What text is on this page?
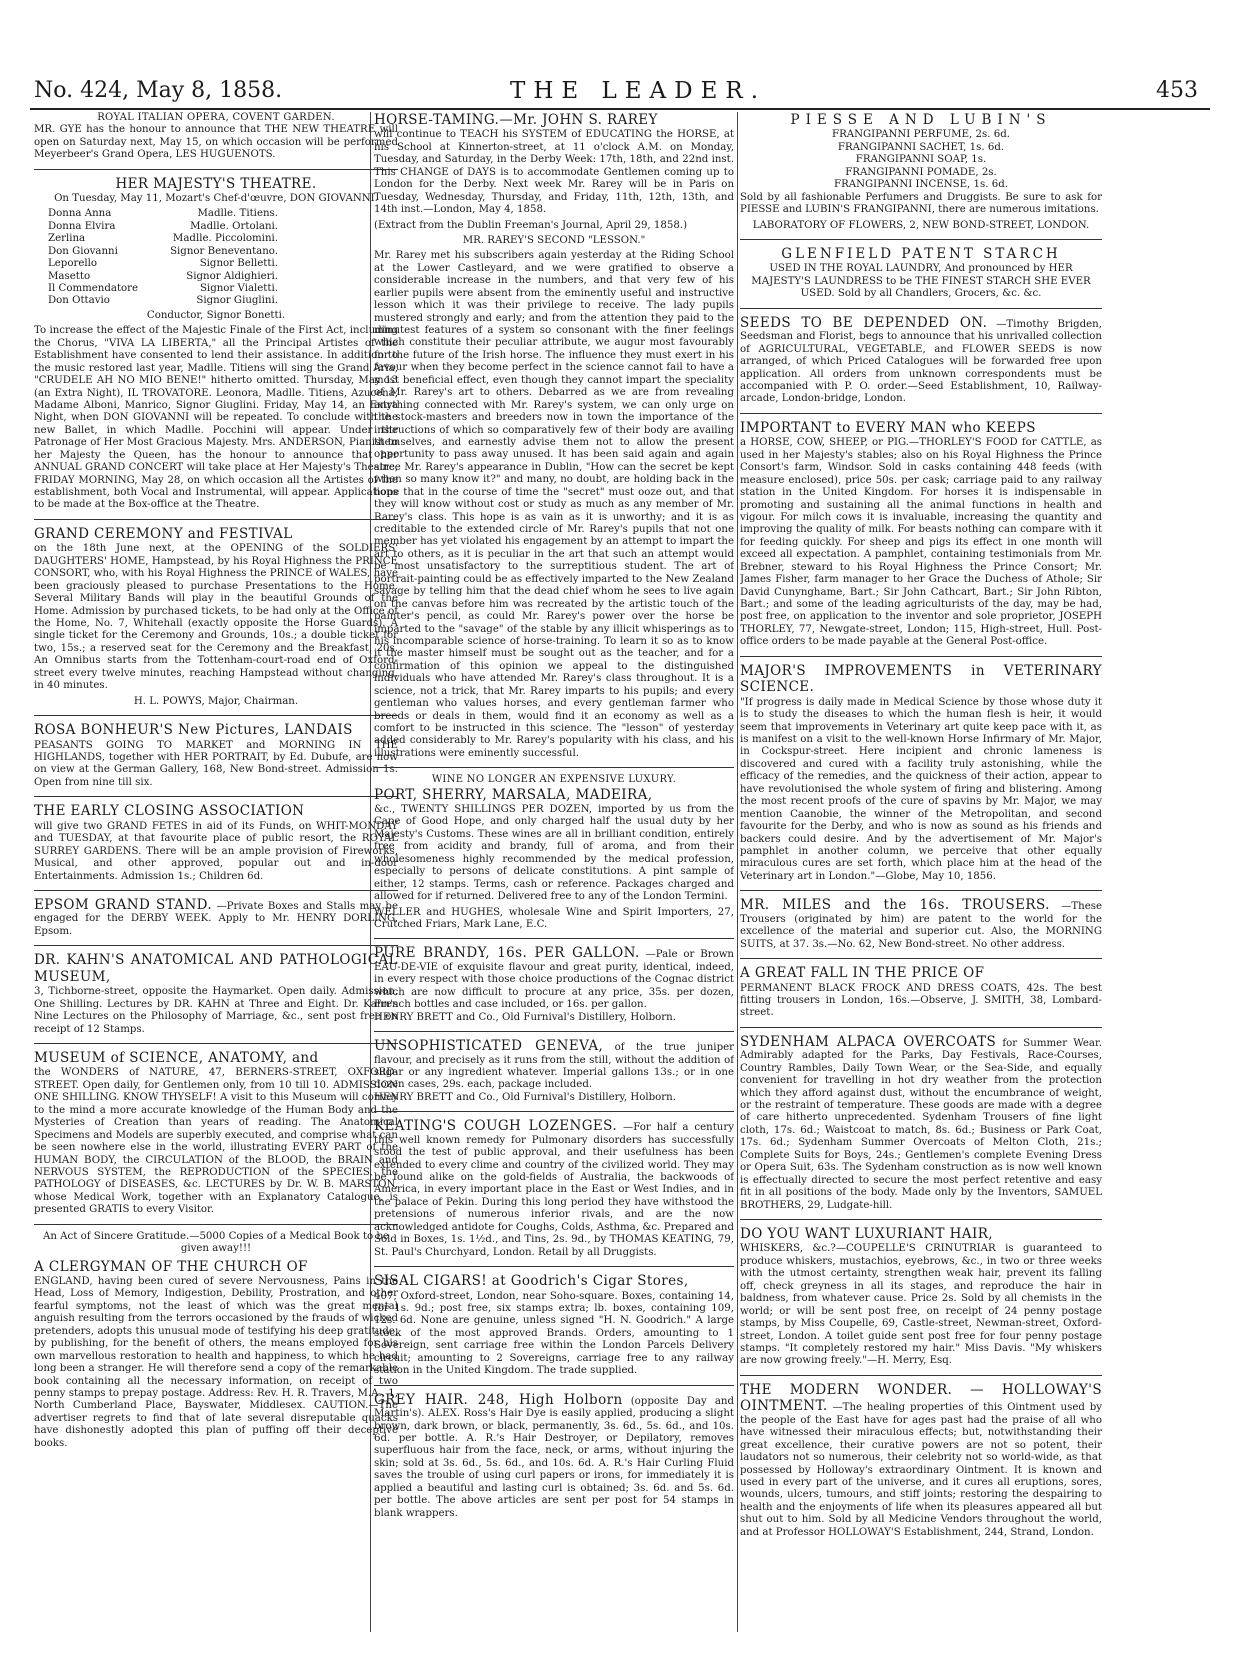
No. 424, May 8, 1858.	THE LEADER.	453
ROYAL ITALIAN OPERA, COVENT GARDEN.

MR. GYE has the honour to announce that THE NEW THEATRE will open on Saturday next, May 15, on which occasion will be performed Meyerbeer's Grand Opera, LES HUGUENOTS.

HER MAJESTY'S THEATRE.

On Tuesday, May 11, Mozart's Chef-d'œuvre, DON GIOVANNI.

Donna Anna	Madlle. Titiens.
Donna Elvira	Madlle. Ortolani.
Zerlina	Madlle. Piccolomini.
Don Giovanni	Signor Beneventano.
Leporello	Signor Belletti.
Masetto	Signor Aldighieri.
Il Commendatore	Signor Vialetti.
Don Ottavio	Signor Giuglini.

Conductor, Signor Bonetti.

To increase the effect of the Majestic Finale of the First Act, including the Chorus, "VIVA LA LIBERTA," all the Principal Artistes of the Establishment have consented to lend their assistance. In addition to the music restored last year, Madlle. Titiens will sing the Grand Aria, "CRUDELE AH NO MIO BENE!" hitherto omitted. Thursday, May 13 (an Extra Night), IL TROVATORE. Leonora, Madlle. Titiens, Azucena, Madame Alboni, Manrico, Signor Giuglini. Friday, May 14, an Extra Night, when DON GIOVANNI will be repeated. To conclude with the new Ballet, in which Madlle. Pocchini will appear. Under the Patronage of Her Most Gracious Majesty. Mrs. ANDERSON, Pianist to her Majesty the Queen, has the honour to announce that her ANNUAL GRAND CONCERT will take place at Her Majesty's Theatre, FRIDAY MORNING, May 28, on which occasion all the Artistes of the establishment, both Vocal and Instrumental, will appear. Applications to be made at the Box-office at the Theatre.

GRAND CEREMONY and FESTIVAL

on the 18th June next, at the OPENING of the SOLDIERS' DAUGHTERS' HOME, Hampstead, by his Royal Highness the PRINCE CONSORT, who, with his Royal Highness the PRINCE of WALES, have been graciously pleased to purchase Presentations to the Home. Several Military Bands will play in the beautiful Grounds of the Home. Admission by purchased tickets, to be had only at the Office of the Home, No. 7, Whitehall (exactly opposite the Horse Guards). A single ticket for the Ceremony and Grounds, 10s.; a double ticket for two, 15s.; a reserved seat for the Ceremony and the Breakfast, 20s. An Omnibus starts from the Tottenham-court-road end of Oxford-street every twelve minutes, reaching Hampstead without changing, in 40 minutes.

H. L. POWYS, Major, Chairman.
ROSA BONHEUR'S New Pictures, LANDAIS

PEASANTS GOING TO MARKET and MORNING IN THE HIGHLANDS, together with HER PORTRAIT, by Ed. Dubufe, are now on view at the German Gallery, 168, New Bond-street. Admission 1s. Open from nine till six.

THE EARLY CLOSING ASSOCIATION

will give two GRAND FETES in aid of its Funds, on WHIT-MONDAY and TUESDAY, at that favourite place of public resort, the ROYAL SURREY GARDENS. There will be an ample provision of Fireworks, Musical, and other approved, popular out and in-door Entertainments. Admission 1s.; Children 6d.

EPSOM GRAND STAND. —Private Boxes and Stalls may be engaged for the DERBY WEEK. Apply to Mr. HENRY DORLING, Epsom.
DR. KAHN'S ANATOMICAL AND PATHOLOGICAL MUSEUM,

3, Tichborne-street, opposite the Haymarket. Open daily. Admission, One Shilling. Lectures by DR. KAHN at Three and Eight. Dr. Kahn's Nine Lectures on the Philosophy of Marriage, &c., sent post free on receipt of 12 Stamps.

MUSEUM of SCIENCE, ANATOMY, and

the WONDERS of NATURE, 47, BERNERS-STREET, OXFORD-STREET. Open daily, for Gentlemen only, from 10 till 10. ADMISSION ONE SHILLING. KNOW THYSELF! A visit to this Museum will convey to the mind a more accurate knowledge of the Human Body and the Mysteries of Creation than years of reading. The Anatomical Specimens and Models are superbly executed, and comprise what can be seen nowhere else in the world, illustrating EVERY PART of the HUMAN BODY, the CIRCULATION of the BLOOD, the BRAIN and NERVOUS SYSTEM, the REPRODUCTION of the SPECIES, the PATHOLOGY of DISEASES, &c. LECTURES by Dr. W. B. MARSTON, whose Medical Work, together with an Explanatory Catalogue, is presented GRATIS to every Visitor.

An Act of Sincere Gratitude.—5000 Copies of a Medical Book to be given away!!!

A CLERGYMAN OF THE CHURCH OF

ENGLAND, having been cured of severe Nervousness, Pains in the Head, Loss of Memory, Indigestion, Debility, Prostration, and other fearful symptoms, not the least of which was the great mental anguish resulting from the terrors occasioned by the frauds of wicked pretenders, adopts this unusual mode of testifying his deep gratitude, by publishing, for the benefit of others, the means employed for his own marvellous restoration to health and happiness, to which he had long been a stranger. He will therefore send a copy of the remarkable book containing all the necessary information, on receipt of two penny stamps to prepay postage. Address: Rev. H. R. Travers, M.A., 1, North Cumberland Place, Bayswater, Middlesex. CAUTION.—The advertiser regrets to find that of late several disreputable quacks have dishonestly adopted this plan of puffing off their deceptive books.

HORSE-TAMING.—Mr. JOHN S. RAREY

will continue to TEACH his SYSTEM of EDUCATING the HORSE, at his School at Kinnerton-street, at 11 o'clock A.M. on Monday, Tuesday, and Saturday, in the Derby Week: 17th, 18th, and 22nd inst. This CHANGE of DAYS is to accommodate Gentlemen coming up to London for the Derby. Next week Mr. Rarey will be in Paris on Tuesday, Wednesday, Thursday, and Friday, 11th, 12th, 13th, and 14th inst.—London, May 4, 1858.

(Extract from the Dublin Freeman's Journal, April 29, 1858.)

MR. RAREY'S SECOND "LESSON."

Mr. Rarey met his subscribers again yesterday at the Riding School at the Lower Castleyard, and we were gratified to observe a considerable increase in the numbers, and that very few of his earlier pupils were absent from the eminently useful and instructive lesson which it was their privilege to receive. The lady pupils mustered strongly and early; and from the attention they paid to the minutest features of a system so consonant with the finer feelings which constitute their peculiar attribute, we augur most favourably for the future of the Irish horse. The influence they must exert in his favour when they become perfect in the science cannot fail to have a most beneficial effect, even though they cannot impart the speciality of Mr. Rarey's art to others. Debarred as we are from revealing anything connected with Mr. Rarey's system, we can only urge on the stock-masters and breeders now in town the importance of the instructions of which so comparatively few of their body are availing themselves, and earnestly advise them not to allow the present opportunity to pass away unused. It has been said again and again since Mr. Rarey's appearance in Dublin, "How can the secret be kept when so many know it?" and many, no doubt, are holding back in the hope that in the course of time the "secret" must ooze out, and that they will know without cost or study as much as any member of Mr. Rarey's class. This hope is as vain as it is unworthy; and it is as creditable to the extended circle of Mr. Rarey's pupils that not one member has yet violated his engagement by an attempt to impart the art to others, as it is peculiar in the art that such an attempt would be most unsatisfactory to the surreptitious student. The art of portrait-painting could be as effectively imparted to the New Zealand savage by telling him that the dead chief whom he sees to live again on the canvas before him was recreated by the artistic touch of the painter's pencil, as could Mr. Rarey's power over the horse be imparted to the "savage" of the stable by any illicit whisperings as to his incomparable science of horse-training. To learn it so as to know it the master himself must be sought out as the teacher, and for a confirmation of this opinion we appeal to the distinguished individuals who have attended Mr. Rarey's class throughout. It is a science, not a trick, that Mr. Rarey imparts to his pupils; and every gentleman who values horses, and every gentleman farmer who breeds or deals in them, would find it an economy as well as a comfort to be instructed in this science. The "lesson" of yesterday added considerably to Mr. Rarey's popularity with his class, and his illustrations were eminently successful.

WINE NO LONGER AN EXPENSIVE LUXURY.
PORT, SHERRY, MARSALA, MADEIRA,

&c., TWENTY SHILLINGS PER DOZEN, imported by us from the Cape of Good Hope, and only charged half the usual duty by her Majesty's Customs. These wines are all in brilliant condition, entirely free from acidity and brandy, full of aroma, and from their wholesomeness highly recommended by the medical profession, especially to persons of delicate constitutions. A pint sample of either, 12 stamps. Terms, cash or reference. Packages charged and allowed for if returned. Delivered free to any of the London Termini.

WELLER and HUGHES, wholesale Wine and Spirit Importers, 27, Crutched Friars, Mark Lane, E.C.

PURE BRANDY, 16s. PER GALLON. —Pale or Brown EAU-DE-VIE of exquisite flavour and great purity, identical, indeed, in every respect with those choice productions of the Cognac district which are now difficult to procure at any price, 35s. per dozen, French bottles and case included, or 16s. per gallon.

HENRY BRETT and Co., Old Furnival's Distillery, Holborn.

UNSOPHISTICATED GENEVA, of the true juniper flavour, and precisely as it runs from the still, without the addition of sugar or any ingredient whatever. Imperial gallons 13s.; or in one dozen cases, 29s. each, package included.

HENRY BRETT and Co., Old Furnival's Distillery, Holborn.

KEATING'S COUGH LOZENGES. —For half a century this well known remedy for Pulmonary disorders has successfully stood the test of public approval, and their usefulness has been extended to every clime and country of the civilized world. They may be found alike on the gold-fields of Australia, the backwoods of America, in every important place in the East or West Indies, and in the palace of Pekin. During this long period they have withstood the pretensions of numerous inferior rivals, and are the now acknowledged antidote for Coughs, Colds, Asthma, &c. Prepared and Sold in Boxes, 1s. 1½d., and Tins, 2s. 9d., by THOMAS KEATING, 79, St. Paul's Churchyard, London. Retail by all Druggists.
SISAL CIGARS! at Goodrich's Cigar Stores,

407, Oxford-street, London, near Soho-square. Boxes, containing 14, for 1s. 9d.; post free, six stamps extra; lb. boxes, containing 109, 12s. 6d. None are genuine, unless signed "H. N. Goodrich." A large stock of the most approved Brands. Orders, amounting to 1 Sovereign, sent carriage free within the London Parcels Delivery circuit; amounting to 2 Sovereigns, carriage free to any railway station in the United Kingdom. The trade supplied.

GREY HAIR. 248, High Holborn (opposite Day and Martin's). ALEX. Ross's Hair Dye is easily applied, producing a slight brown, dark brown, or black, permanently, 3s. 6d., 5s. 6d., and 10s. 6d. per bottle. A. R.'s Hair Destroyer, or Depilatory, removes superfluous hair from the face, neck, or arms, without injuring the skin; sold at 3s. 6d., 5s. 6d., and 10s. 6d. A. R.'s Hair Curling Fluid saves the trouble of using curl papers or irons, for immediately it is applied a beautiful and lasting curl is obtained; 3s. 6d. and 5s. 6d. per bottle. The above articles are sent per post for 54 stamps in blank wrappers.
PIESSE AND LUBIN'S
FRANGIPANNI PERFUME, 2s. 6d.
FRANGIPANNI SACHET, 1s. 6d.
FRANGIPANNI SOAP, 1s.
FRANGIPANNI POMADE, 2s.
FRANGIPANNI INCENSE, 1s. 6d.

Sold by all fashionable Perfumers and Druggists. Be sure to ask for PIESSE and LUBIN'S FRANGIPANNI, there are numerous imitations.

LABORATORY OF FLOWERS, 2, NEW BOND-STREET, LONDON.
GLENFIELD PATENT STARCH

USED IN THE ROYAL LAUNDRY, And pronounced by HER MAJESTY'S LAUNDRESS to be THE FINEST STARCH SHE EVER USED. Sold by all Chandlers, Grocers, &c. &c.

SEEDS TO BE DEPENDED ON. —Timothy Brigden, Seedsman and Florist, begs to announce that his unrivalled collection of AGRICULTURAL, VEGETABLE, and FLOWER SEEDS is now arranged, of which Priced Catalogues will be forwarded free upon application. All orders from unknown correspondents must be accompanied with P. O. order.—Seed Establishment, 10, Railway-arcade, London-bridge, London.
IMPORTANT to EVERY MAN who KEEPS

a HORSE, COW, SHEEP, or PIG.—THORLEY'S FOOD for CATTLE, as used in her Majesty's stables; also on his Royal Highness the Prince Consort's farm, Windsor. Sold in casks containing 448 feeds (with measure enclosed), price 50s. per cask; carriage paid to any railway station in the United Kingdom. For horses it is indispensable in promoting and sustaining all the animal functions in health and vigour. For milch cows it is invaluable, increasing the quantity and improving the quality of milk. For beasts nothing can compare with it for feeding quickly. For sheep and pigs its effect in one month will exceed all expectation. A pamphlet, containing testimonials from Mr. Brebner, steward to his Royal Highness the Prince Consort; Mr. James Fisher, farm manager to her Grace the Duchess of Athole; Sir David Cunynghame, Bart.; Sir John Cathcart, Bart.; Sir John Ribton, Bart.; and some of the leading agriculturists of the day, may be had, post free, on application to the inventor and sole proprietor, JOSEPH THORLEY, 77, Newgate-street, London; 115, High-street, Hull. Post-office orders to be made payable at the General Post-office.

MAJOR'S IMPROVEMENTS in VETERINARY SCIENCE.

"If progress is daily made in Medical Science by those whose duty it is to study the diseases to which the human flesh is heir, it would seem that improvements in Veterinary art quite keep pace with it, as is manifest on a visit to the well-known Horse Infirmary of Mr. Major, in Cockspur-street. Here incipient and chronic lameness is discovered and cured with a facility truly astonishing, while the efficacy of the remedies, and the quickness of their action, appear to have revolutionised the whole system of firing and blistering. Among the most recent proofs of the cure of spavins by Mr. Major, we may mention Caanobie, the winner of the Metropolitan, and second favourite for the Derby, and who is now as sound as his friends and backers could desire. And by the advertisement of Mr. Major's pamphlet in another column, we perceive that other equally miraculous cures are set forth, which place him at the head of the Veterinary art in London."—Globe, May 10, 1856.

MR. MILES and the 16s. TROUSERS. —These Trousers (originated by him) are patent to the world for the excellence of the material and superior cut. Also, the MORNING SUITS, at 37. 3s.—No. 62, New Bond-street. No other address.
A GREAT FALL IN THE PRICE OF

PERMANENT BLACK FROCK AND DRESS COATS, 42s. The best fitting trousers in London, 16s.—Observe, J. SMITH, 38, Lombard-street.

SYDENHAM ALPACA OVERCOATS for Summer Wear. Admirably adapted for the Parks, Day Festivals, Race-Courses, Country Rambles, Daily Town Wear, or the Sea-Side, and equally convenient for travelling in hot dry weather from the protection which they afford against dust, without the encumbrance of weight, or the restraint of temperature. These goods are made with a degree of care hitherto unprecedented. Sydenham Trousers of fine light cloth, 17s. 6d.; Waistcoat to match, 8s. 6d.; Business or Park Coat, 17s. 6d.; Sydenham Summer Overcoats of Melton Cloth, 21s.; Complete Suits for Boys, 24s.; Gentlemen's complete Evening Dress or Opera Suit, 63s. The Sydenham construction as is now well known is effectually directed to secure the most perfect retentive and easy fit in all positions of the body. Made only by the Inventors, SAMUEL BROTHERS, 29, Ludgate-hill.
DO YOU WANT LUXURIANT HAIR,

WHISKERS, &c.?—COUPELLE'S CRINUTRIAR is guaranteed to produce whiskers, mustachios, eyebrows, &c., in two or three weeks with the utmost certainty, strengthen weak hair, prevent its falling off, check greyness in all its stages, and reproduce the hair in baldness, from whatever cause. Price 2s. Sold by all chemists in the world; or will be sent post free, on receipt of 24 penny postage stamps, by Miss Coupelle, 69, Castle-street, Newman-street, Oxford-street, London. A toilet guide sent post free for four penny postage stamps. "It completely restored my hair." Miss Davis. "My whiskers are now growing freely."—H. Merry, Esq.

THE MODERN WONDER. — HOLLOWAY'S OINTMENT. —The healing properties of this Ointment used by the people of the East have for ages past had the praise of all who have witnessed their miraculous effects; but, notwithstanding their great excellence, their curative powers are not so potent, their laudators not so numerous, their celebrity not so world-wide, as that possessed by Holloway's extraordinary Ointment. It is known and used in every part of the universe, and it cures all eruptions, sores, wounds, ulcers, tumours, and stiff joints; restoring the despairing to health and the enjoyments of life when its pleasures appeared all but shut out to him. Sold by all Medicine Vendors throughout the world, and at Professor HOLLOWAY'S Establishment, 244, Strand, London.
